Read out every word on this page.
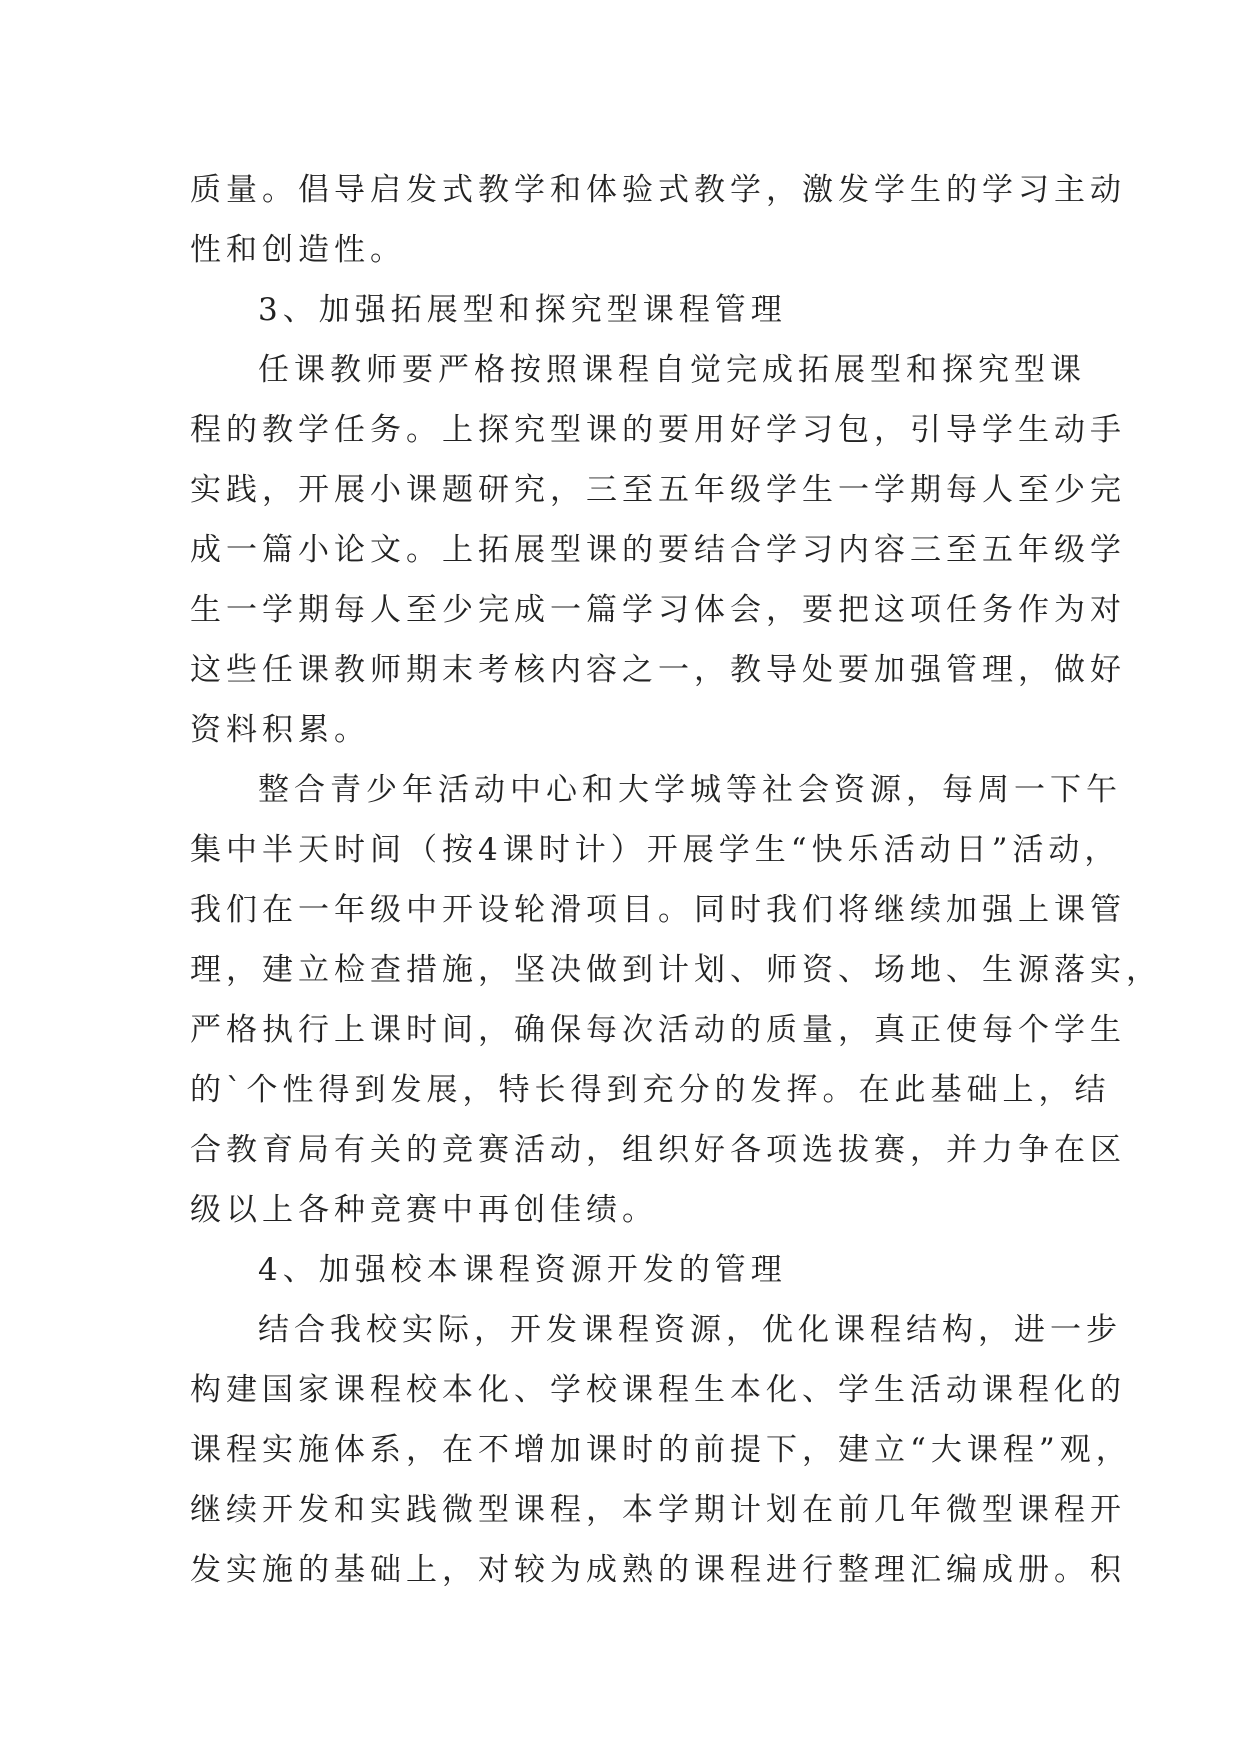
质量。倡导启发式教学和体验式教学，激发学生的学习主动
性和创造性。
3、加强拓展型和探究型课程管理
任课教师要严格按照课程自觉完成拓展型和探究型课
程的教学任务。上探究型课的要用好学习包，引导学生动手
实践，开展小课题研究，三至五年级学生一学期每人至少完
成一篇小论文。上拓展型课的要结合学习内容三至五年级学
生一学期每人至少完成一篇学习体会，要把这项任务作为对
这些任课教师期末考核内容之一，教导处要加强管理，做好
资料积累。
整合青少年活动中心和大学城等社会资源，每周一下午
集中半天时间（按4课时计）开展学生“快乐活动日”活动，
我们在一年级中开设轮滑项目。同时我们将继续加强上课管
理，建立检查措施，坚决做到计划、师资、场地、生源落实，
严格执行上课时间，确保每次活动的质量，真正使每个学生
的`个性得到发展，特长得到充分的发挥。在此基础上，结
合教育局有关的竞赛活动，组织好各项选拔赛，并力争在区
级以上各种竞赛中再创佳绩。
4、加强校本课程资源开发的管理
结合我校实际，开发课程资源，优化课程结构，进一步
构建国家课程校本化、学校课程生本化、学生活动课程化的
课程实施体系，在不增加课时的前提下，建立“大课程”观，
继续开发和实践微型课程，本学期计划在前几年微型课程开
发实施的基础上，对较为成熟的课程进行整理汇编成册。积
